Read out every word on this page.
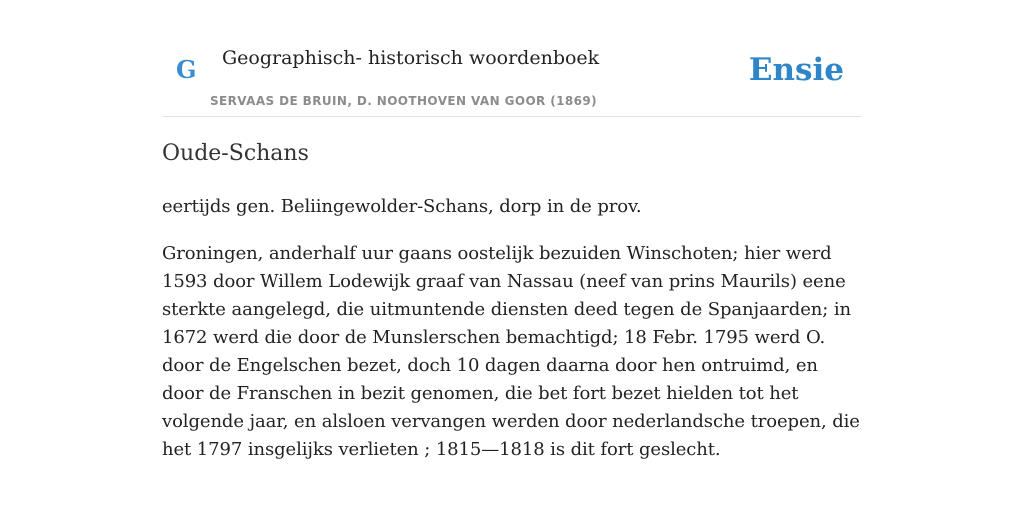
G Geographisch- historisch woordenboek
SERVAAS DE BRUIN, D. NOOTHOVEN VAN GOOR (1869)
Ensie
Oude-Schans

eertijds gen. Beliingewolder-Schans, dorp in de prov.

Groningen, anderhalf uur gaans oostelijk bezuiden Winschoten; hier werd 1593 door Willem Lodewijk graaf van Nassau (neef van prins Maurils) eene sterkte aangelegd, die uitmuntende diensten deed tegen de Spanjaarden; in 1672 werd die door de Munslerschen bemachtigd; 18 Febr. 1795 werd O. door de Engelschen bezet, doch 10 dagen daarna door hen ontruimd, en door de Franschen in bezit genomen, die bet fort bezet hielden tot het volgende jaar, en alsloen vervangen werden door nederlandsche troepen, die het 1797 insgelijks verlieten ; 1815—1818 is dit fort geslecht.
